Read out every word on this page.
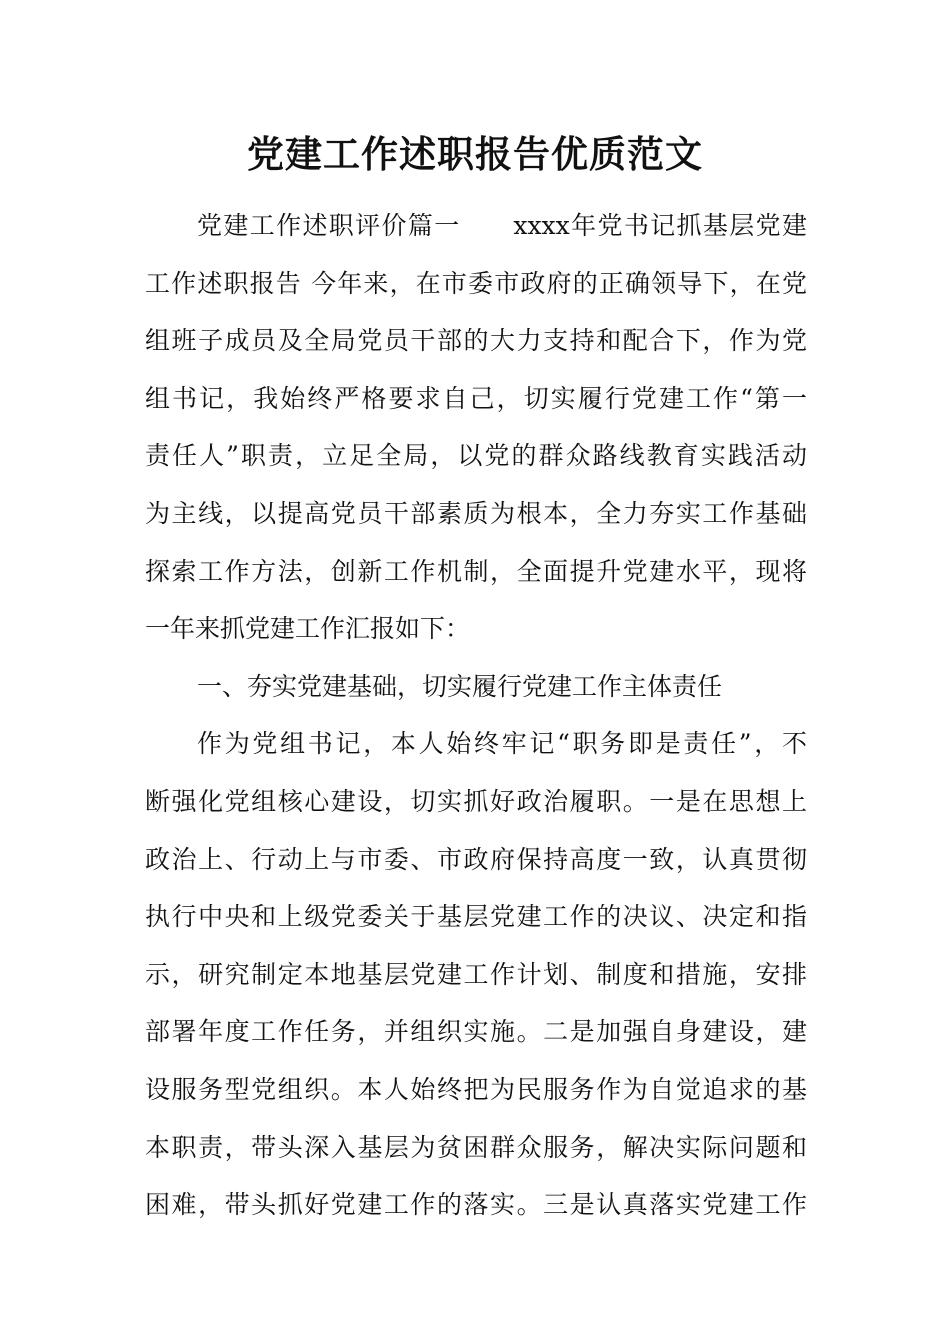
党建工作述职报告优质范文
党建工作述职评价篇一　　xxxx年党书记抓基层党建
工作述职报告 今年来，在市委市政府的正确领导下，在党
组班子成员及全局党员干部的大力支持和配合下，作为党
组书记，我始终严格要求自己，切实履行党建工作“第一
责任人”职责，立足全局，以党的群众路线教育实践活动
为主线，以提高党员干部素质为根本，全力夯实工作基础
探索工作方法，创新工作机制，全面提升党建水平，现将
一年来抓党建工作汇报如下：
一、夯实党建基础，切实履行党建工作主体责任
作为党组书记，本人始终牢记“职务即是责任”，不
断强化党组核心建设，切实抓好政治履职。一是在思想上
政治上、行动上与市委、市政府保持高度一致，认真贯彻
执行中央和上级党委关于基层党建工作的决议、决定和指
示，研究制定本地基层党建工作计划、制度和措施，安排
部署年度工作任务，并组织实施。二是加强自身建设，建
设服务型党组织。本人始终把为民服务作为自觉追求的基
本职责，带头深入基层为贫困群众服务，解决实际问题和
困难，带头抓好党建工作的落实。三是认真落实党建工作
